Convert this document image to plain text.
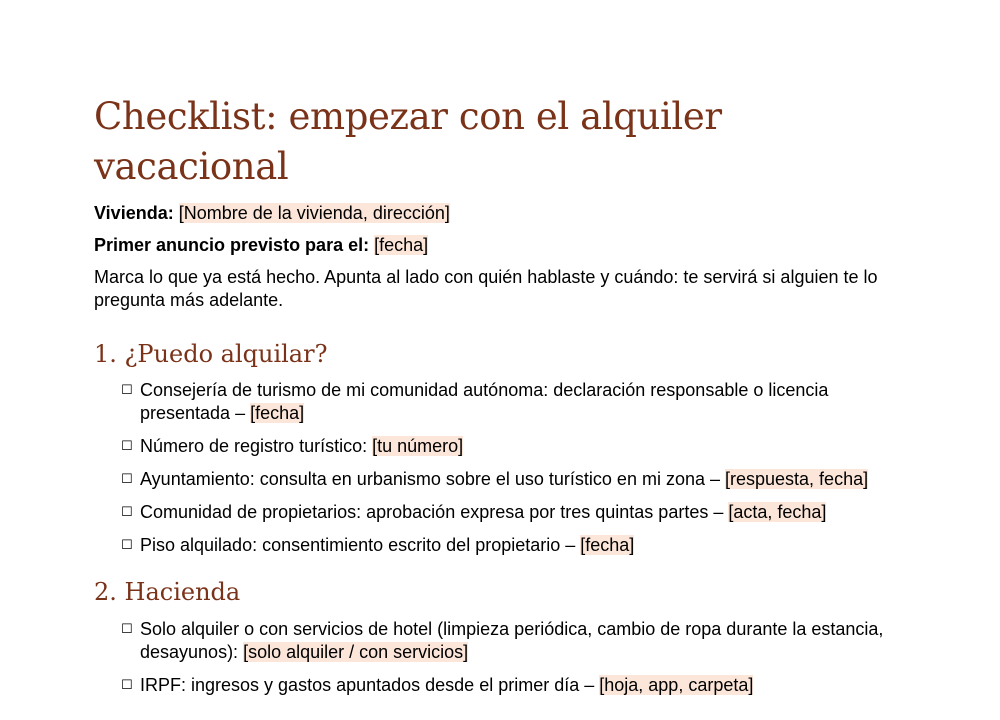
Checklist: empezar con el alquiler vacacional

Vivienda: [Nombre de la vivienda, dirección]

Primer anuncio previsto para el: [fecha]

Marca lo que ya está hecho. Apunta al lado con quién hablaste y cuándo: te servirá si alguien te lo pregunta más adelante.

1. ¿Puedo alquilar?
☐ Consejería de turismo de mi comunidad autónoma: declaración responsable o licencia presentada – [fecha]
☐ Número de registro turístico: [tu número]
☐ Ayuntamiento: consulta en urbanismo sobre el uso turístico en mi zona – [respuesta, fecha]
☐ Comunidad de propietarios: aprobación expresa por tres quintas partes – [acta, fecha]
☐ Piso alquilado: consentimiento escrito del propietario – [fecha]
2. Hacienda
☐ Solo alquiler o con servicios de hotel (limpieza periódica, cambio de ropa durante la estancia, desayunos): [solo alquiler / con servicios]
☐ IRPF: ingresos y gastos apuntados desde el primer día – [hoja, app, carpeta]
